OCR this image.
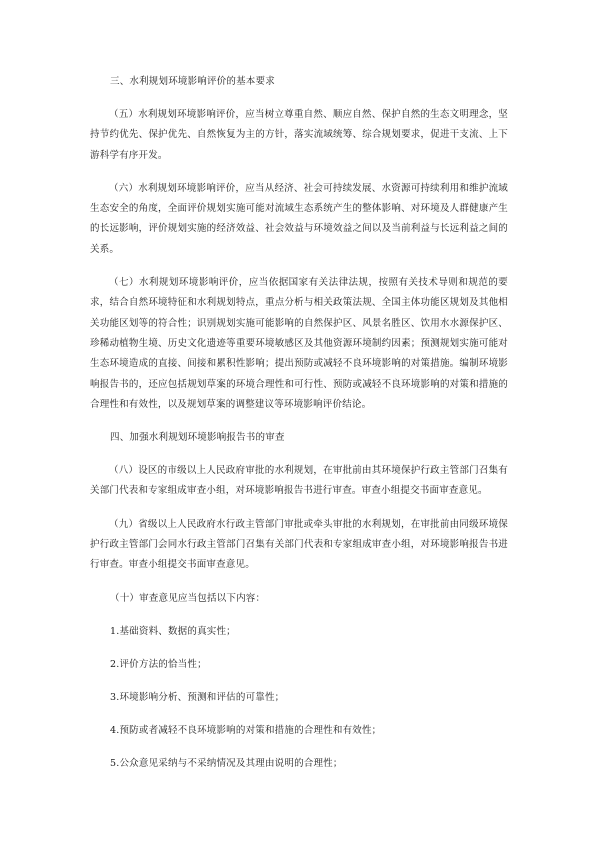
三、水利规划环境影响评价的基本要求

（五）水利规划环境影响评价，应当树立尊重自然、顺应自然、保护自然的生态文明理念，坚持节约优先、保护优先、自然恢复为主的方针，落实流域统筹、综合规划要求，促进干支流、上下游科学有序开发。

（六）水利规划环境影响评价，应当从经济、社会可持续发展、水资源可持续利用和维护流域生态安全的角度，全面评价规划实施可能对流域生态系统产生的整体影响、对环境及人群健康产生的长远影响，评价规划实施的经济效益、社会效益与环境效益之间以及当前利益与长远利益之间的关系。

（七）水利规划环境影响评价，应当依据国家有关法律法规，按照有关技术导则和规范的要求，结合自然环境特征和水利规划特点，重点分析与相关政策法规、全国主体功能区规划及其他相关功能区划等的符合性；识别规划实施可能影响的自然保护区、风景名胜区、饮用水水源保护区、珍稀动植物生境、历史文化遗迹等重要环境敏感区及其他资源环境制约因素；预测规划实施可能对生态环境造成的直接、间接和累积性影响；提出预防或减轻不良环境影响的对策措施。编制环境影响报告书的，还应包括规划草案的环境合理性和可行性、预防或减轻不良环境影响的对策和措施的合理性和有效性，以及规划草案的调整建议等环境影响评价结论。

四、加强水利规划环境影响报告书的审查

（八）设区的市级以上人民政府审批的水利规划，在审批前由其环境保护行政主管部门召集有关部门代表和专家组成审查小组，对环境影响报告书进行审查。审查小组提交书面审查意见。

（九）省级以上人民政府水行政主管部门审批或牵头审批的水利规划，在审批前由同级环境保护行政主管部门会同水行政主管部门召集有关部门代表和专家组成审查小组，对环境影响报告书进行审查。审查小组提交书面审查意见。

（十）审查意见应当包括以下内容：
1.基础资料、数据的真实性；
2.评价方法的恰当性；
3.环境影响分析、预测和评估的可靠性；
4.预防或者减轻不良环境影响的对策和措施的合理性和有效性；
5.公众意见采纳与不采纳情况及其理由说明的合理性；
